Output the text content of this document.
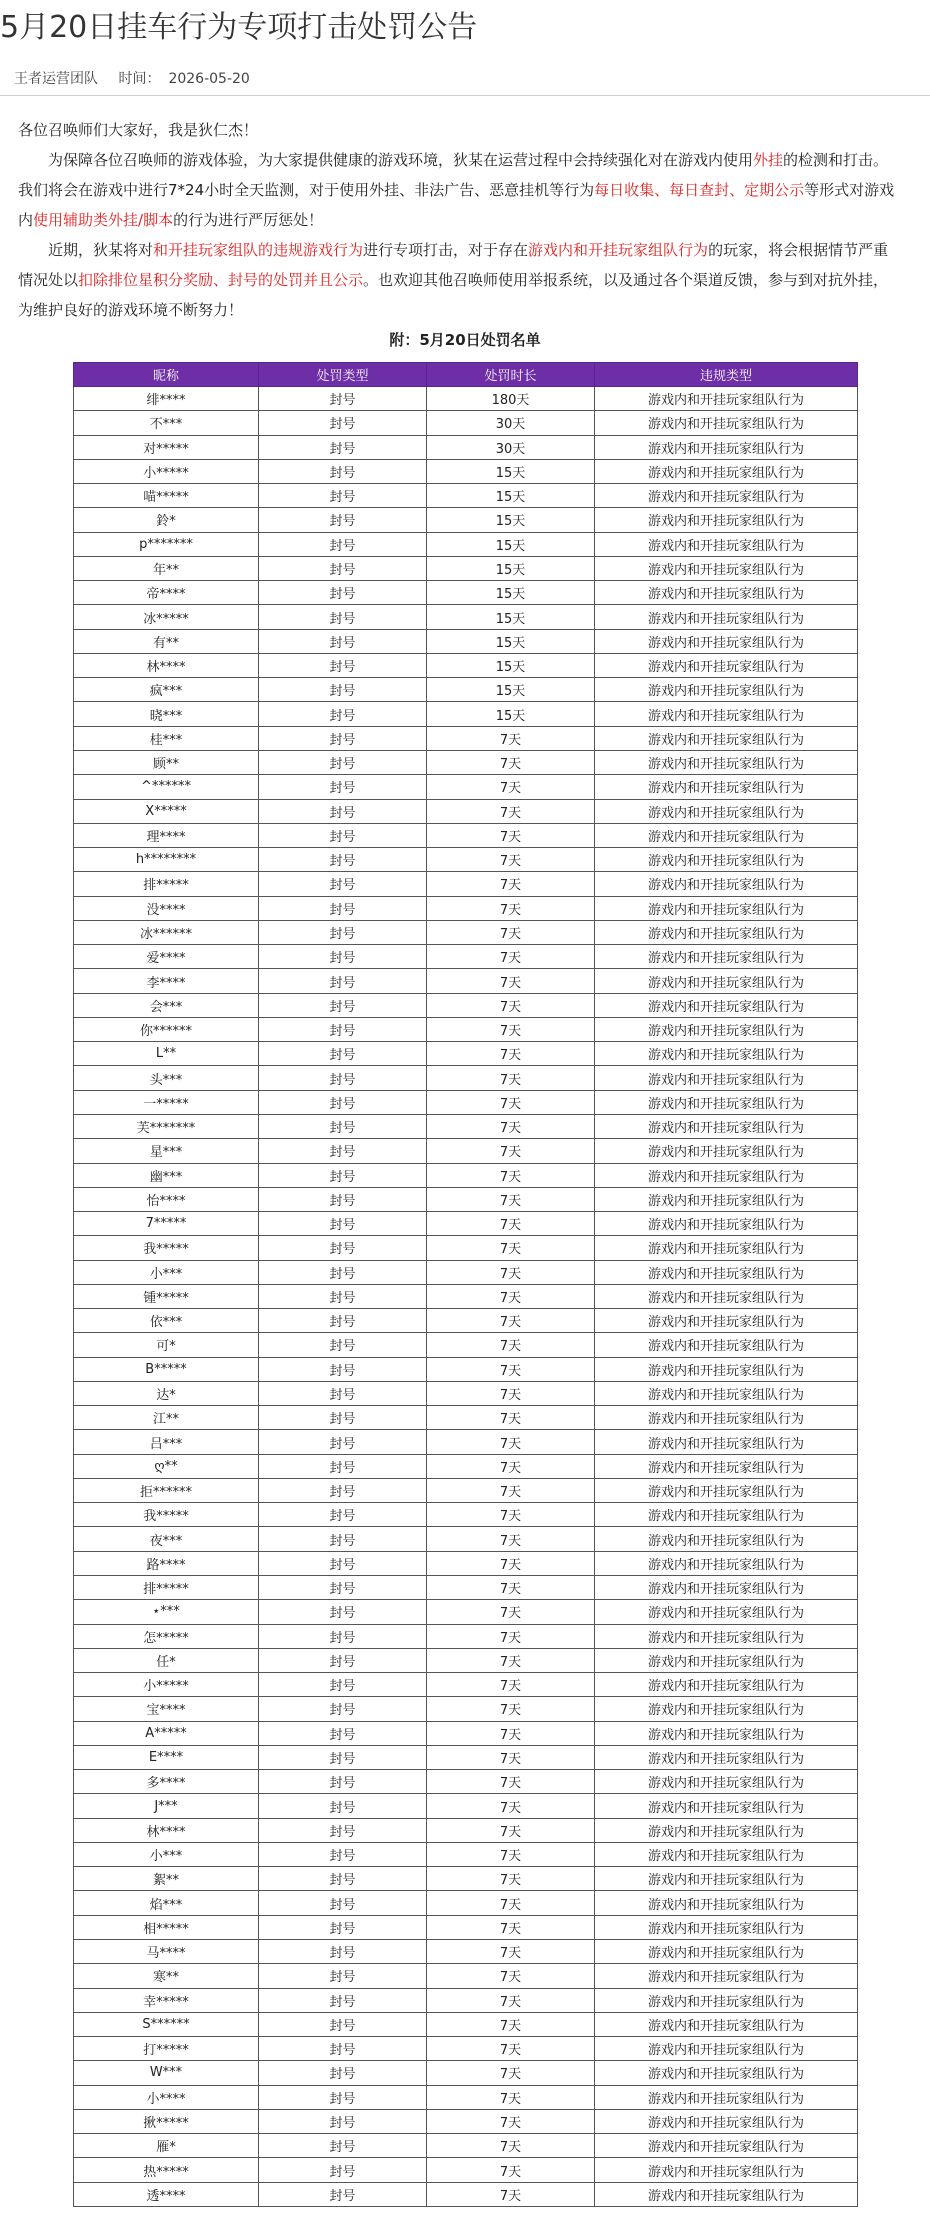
5月20日挂车行为专项打击处罚公告
王者运营团队 时间： 2026-05-20

各位召唤师们大家好，我是狄仁杰！

为保障各位召唤师的游戏体验，为大家提供健康的游戏环境，狄某在运营过程中会持续强化对在游戏内使用外挂的检测和打击。我们将会在游戏中进行7*24小时全天监测，对于使用外挂、非法广告、恶意挂机等行为每日收集、每日查封、定期公示等形式对游戏内使用辅助类外挂/脚本的行为进行严厉惩处！

近期，狄某将对和开挂玩家组队的违规游戏行为进行专项打击，对于存在游戏内和开挂玩家组队行为的玩家，将会根据情节严重情况处以扣除排位星积分奖励、封号的处罚并且公示。也欢迎其他召唤师使用举报系统，以及通过各个渠道反馈，参与到对抗外挂，为维护良好的游戏环境不断努力！

附：5月20日处罚名单
昵称	处罚类型	处罚时长	违规类型
绯****	封号	180天	游戏内和开挂玩家组队行为
不***	封号	30天	游戏内和开挂玩家组队行为
对*****	封号	30天	游戏内和开挂玩家组队行为
小*****	封号	15天	游戏内和开挂玩家组队行为
喵*****	封号	15天	游戏内和开挂玩家组队行为
鈴*	封号	15天	游戏内和开挂玩家组队行为
p*******	封号	15天	游戏内和开挂玩家组队行为
年**	封号	15天	游戏内和开挂玩家组队行为
帝****	封号	15天	游戏内和开挂玩家组队行为
冰*****	封号	15天	游戏内和开挂玩家组队行为
有**	封号	15天	游戏内和开挂玩家组队行为
林****	封号	15天	游戏内和开挂玩家组队行为
疯***	封号	15天	游戏内和开挂玩家组队行为
晓***	封号	15天	游戏内和开挂玩家组队行为
桂***	封号	7天	游戏内和开挂玩家组队行为
顾**	封号	7天	游戏内和开挂玩家组队行为
^******	封号	7天	游戏内和开挂玩家组队行为
X*****	封号	7天	游戏内和开挂玩家组队行为
理****	封号	7天	游戏内和开挂玩家组队行为
h********	封号	7天	游戏内和开挂玩家组队行为
排*****	封号	7天	游戏内和开挂玩家组队行为
没****	封号	7天	游戏内和开挂玩家组队行为
冰******	封号	7天	游戏内和开挂玩家组队行为
爱****	封号	7天	游戏内和开挂玩家组队行为
李****	封号	7天	游戏内和开挂玩家组队行为
会***	封号	7天	游戏内和开挂玩家组队行为
你******	封号	7天	游戏内和开挂玩家组队行为
L**	封号	7天	游戏内和开挂玩家组队行为
头***	封号	7天	游戏内和开挂玩家组队行为
一*****	封号	7天	游戏内和开挂玩家组队行为
芙*******	封号	7天	游戏内和开挂玩家组队行为
星***	封号	7天	游戏内和开挂玩家组队行为
幽***	封号	7天	游戏内和开挂玩家组队行为
怡****	封号	7天	游戏内和开挂玩家组队行为
7*****	封号	7天	游戏内和开挂玩家组队行为
我*****	封号	7天	游戏内和开挂玩家组队行为
小***	封号	7天	游戏内和开挂玩家组队行为
锺*****	封号	7天	游戏内和开挂玩家组队行为
依***	封号	7天	游戏内和开挂玩家组队行为
可*	封号	7天	游戏内和开挂玩家组队行为
B*****	封号	7天	游戏内和开挂玩家组队行为
达*	封号	7天	游戏内和开挂玩家组队行为
江**	封号	7天	游戏内和开挂玩家组队行为
吕***	封号	7天	游戏内和开挂玩家组队行为
ღ**	封号	7天	游戏内和开挂玩家组队行为
拒******	封号	7天	游戏内和开挂玩家组队行为
我*****	封号	7天	游戏内和开挂玩家组队行为
夜***	封号	7天	游戏内和开挂玩家组队行为
路****	封号	7天	游戏内和开挂玩家组队行为
排*****	封号	7天	游戏内和开挂玩家组队行为
⋆***	封号	7天	游戏内和开挂玩家组队行为
怎*****	封号	7天	游戏内和开挂玩家组队行为
任*	封号	7天	游戏内和开挂玩家组队行为
小*****	封号	7天	游戏内和开挂玩家组队行为
宝****	封号	7天	游戏内和开挂玩家组队行为
A*****	封号	7天	游戏内和开挂玩家组队行为
E****	封号	7天	游戏内和开挂玩家组队行为
多****	封号	7天	游戏内和开挂玩家组队行为
J***	封号	7天	游戏内和开挂玩家组队行为
林****	封号	7天	游戏内和开挂玩家组队行为
小***	封号	7天	游戏内和开挂玩家组队行为
絮**	封号	7天	游戏内和开挂玩家组队行为
焰***	封号	7天	游戏内和开挂玩家组队行为
相*****	封号	7天	游戏内和开挂玩家组队行为
马****	封号	7天	游戏内和开挂玩家组队行为
寒**	封号	7天	游戏内和开挂玩家组队行为
幸*****	封号	7天	游戏内和开挂玩家组队行为
S******	封号	7天	游戏内和开挂玩家组队行为
打*****	封号	7天	游戏内和开挂玩家组队行为
W***	封号	7天	游戏内和开挂玩家组队行为
小****	封号	7天	游戏内和开挂玩家组队行为
揪*****	封号	7天	游戏内和开挂玩家组队行为
雁*	封号	7天	游戏内和开挂玩家组队行为
热*****	封号	7天	游戏内和开挂玩家组队行为
透****	封号	7天	游戏内和开挂玩家组队行为
